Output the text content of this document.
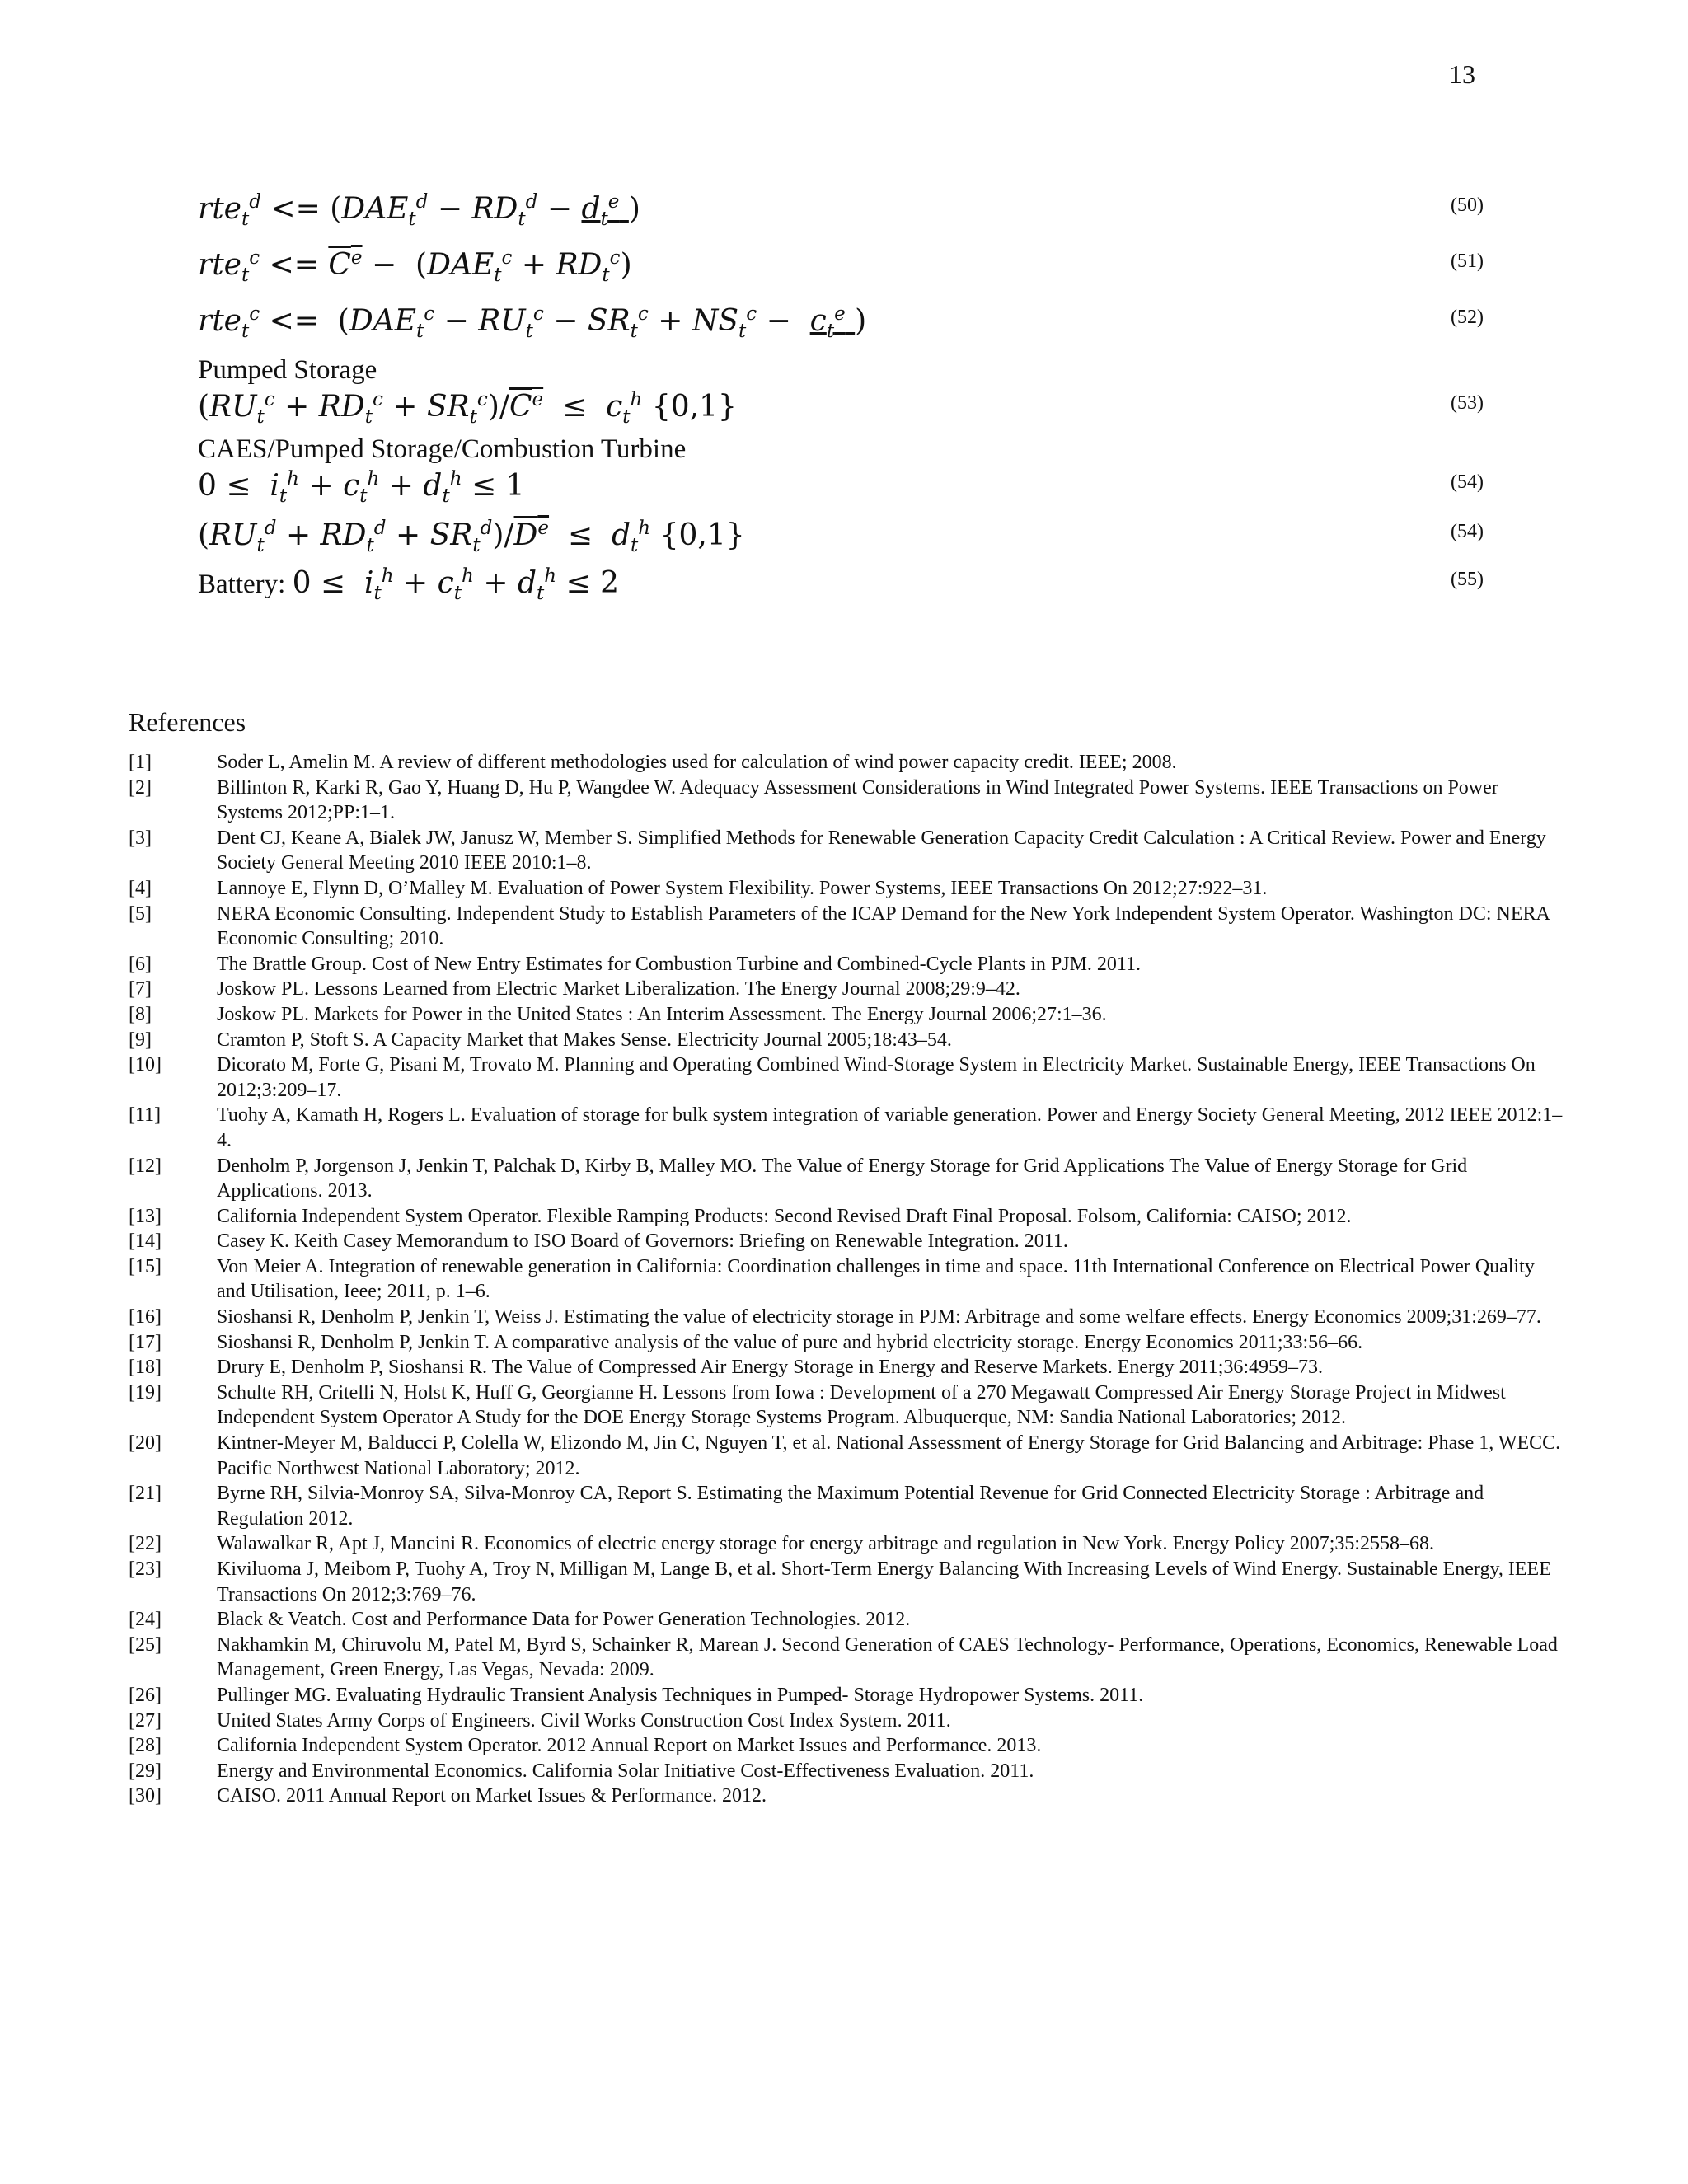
13
$rte_t^d <= (DAE_t^d - RD_t^d - d_t^e$ )	(50)
$rte_t^c <= C^e - (DAE_t^c + RD_t^c)$	(51)
$rte_t^c <= (DAE_t^c - RU_t^c - SR_t^c + NS_t^c - c_t^e$ )	(52)
Pumped Storage
$(RU_t^c + RD_t^c + SR_t^c)/C^e \le c_t^h$ {0,1}	(53)
CAES/Pumped Storage/Combustion Turbine
$0 \le i_t^h + c_t^h + d_t^h \le 1$	(54)
$(RU_t^d + RD_t^d + SR_t^d)/D^e \le d_t^h$ {0,1}	(54)
Battery: $0 \le i_t^h + c_t^h + d_t^h \le 2$	(55)
References
[1]	Soder L, Amelin M. A review of different methodologies used for calculation of wind power capacity credit. IEEE; 2008.
[2]	Billinton R, Karki R, Gao Y, Huang D, Hu P, Wangdee W. Adequacy Assessment Considerations in Wind Integrated Power Systems. IEEE Transactions on Power Systems 2012;PP:1–1.
[3]	Dent CJ, Keane A, Bialek JW, Janusz W, Member S. Simplified Methods for Renewable Generation Capacity Credit Calculation : A Critical Review. Power and Energy Society General Meeting 2010 IEEE 2010:1–8.
[4]	Lannoye E, Flynn D, O’Malley M. Evaluation of Power System Flexibility. Power Systems, IEEE Transactions On 2012;27:922–31.
[5]	NERA Economic Consulting. Independent Study to Establish Parameters of the ICAP Demand for the New York Independent System Operator. Washington DC: NERA Economic Consulting; 2010.
[6]	The Brattle Group. Cost of New Entry Estimates for Combustion Turbine and Combined-Cycle Plants in PJM. 2011.
[7]	Joskow PL. Lessons Learned from Electric Market Liberalization. The Energy Journal 2008;29:9–42.
[8]	Joskow PL. Markets for Power in the United States : An Interim Assessment. The Energy Journal 2006;27:1–36.
[9]	Cramton P, Stoft S. A Capacity Market that Makes Sense. Electricity Journal 2005;18:43–54.
[10]	Dicorato M, Forte G, Pisani M, Trovato M. Planning and Operating Combined Wind-Storage System in Electricity Market. Sustainable Energy, IEEE Transactions On 2012;3:209–17.
[11]	Tuohy A, Kamath H, Rogers L. Evaluation of storage for bulk system integration of variable generation. Power and Energy Society General Meeting, 2012 IEEE 2012:1–4.
[12]	Denholm P, Jorgenson J, Jenkin T, Palchak D, Kirby B, Malley MO. The Value of Energy Storage for Grid Applications The Value of Energy Storage for Grid Applications. 2013.
[13]	California Independent System Operator. Flexible Ramping Products: Second Revised Draft Final Proposal. Folsom, California: CAISO; 2012.
[14]	Casey K. Keith Casey Memorandum to ISO Board of Governors: Briefing on Renewable Integration. 2011.
[15]	Von Meier A. Integration of renewable generation in California: Coordination challenges in time and space. 11th International Conference on Electrical Power Quality and Utilisation, Ieee; 2011, p. 1–6.
[16]	Sioshansi R, Denholm P, Jenkin T, Weiss J. Estimating the value of electricity storage in PJM: Arbitrage and some welfare effects. Energy Economics 2009;31:269–77.
[17]	Sioshansi R, Denholm P, Jenkin T. A comparative analysis of the value of pure and hybrid electricity storage. Energy Economics 2011;33:56–66.
[18]	Drury E, Denholm P, Sioshansi R. The Value of Compressed Air Energy Storage in Energy and Reserve Markets. Energy 2011;36:4959–73.
[19]	Schulte RH, Critelli N, Holst K, Huff G, Georgianne H. Lessons from Iowa : Development of a 270 Megawatt Compressed Air Energy Storage Project in Midwest Independent System Operator A Study for the DOE Energy Storage Systems Program. Albuquerque, NM: Sandia National Laboratories; 2012.
[20]	Kintner-Meyer M, Balducci P, Colella W, Elizondo M, Jin C, Nguyen T, et al. National Assessment of Energy Storage for Grid Balancing and Arbitrage: Phase 1, WECC. Pacific Northwest National Laboratory; 2012.
[21]	Byrne RH, Silvia-Monroy SA, Silva-Monroy CA, Report S. Estimating the Maximum Potential Revenue for Grid Connected Electricity Storage : Arbitrage and Regulation 2012.
[22]	Walawalkar R, Apt J, Mancini R. Economics of electric energy storage for energy arbitrage and regulation in New York. Energy Policy 2007;35:2558–68.
[23]	Kiviluoma J, Meibom P, Tuohy A, Troy N, Milligan M, Lange B, et al. Short-Term Energy Balancing With Increasing Levels of Wind Energy. Sustainable Energy, IEEE Transactions On 2012;3:769–76.
[24]	Black & Veatch. Cost and Performance Data for Power Generation Technologies. 2012.
[25]	Nakhamkin M, Chiruvolu M, Patel M, Byrd S, Schainker R, Marean J. Second Generation of CAES Technology- Performance, Operations, Economics, Renewable Load Management, Green Energy, Las Vegas, Nevada: 2009.
[26]	Pullinger MG. Evaluating Hydraulic Transient Analysis Techniques in Pumped- Storage Hydropower Systems. 2011.
[27]	United States Army Corps of Engineers. Civil Works Construction Cost Index System. 2011.
[28]	California Independent System Operator. 2012 Annual Report on Market Issues and Performance. 2013.
[29]	Energy and Environmental Economics. California Solar Initiative Cost-Effectiveness Evaluation. 2011.
[30]	CAISO. 2011 Annual Report on Market Issues & Performance. 2012.
